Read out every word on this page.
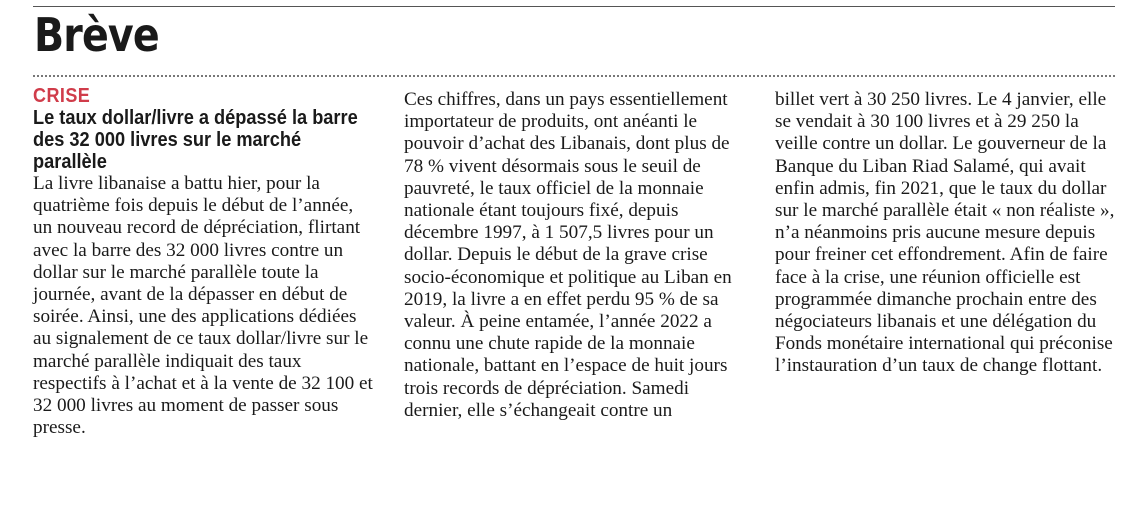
Brève
CRISE
Le taux dollar/livre a dépassé la barre des 32 000 livres sur le marché parallèle

La livre libanaise a battu hier, pour la quatrième fois depuis le début de l’année, un nouveau record de dépréciation, flirtant avec la barre des 32 000 livres contre un dollar sur le marché parallèle toute la journée, avant de la dépasser en début de soirée. Ainsi, une des applications dédiées au signalement de ce taux dollar/livre sur le marché parallèle indiquait des taux respectifs à l’achat et à la vente de 32 100 et 32 000 livres au moment de passer sous presse.

Ces chiffres, dans un pays essentiellement importateur de produits, ont anéanti le pouvoir d’achat des Libanais, dont plus de 78 % vivent désormais sous le seuil de pauvreté, le taux officiel de la monnaie nationale étant toujours fixé, depuis décembre 1997, à 1 507,5 livres pour un dollar. Depuis le début de la grave crise socio-économique et politique au Liban en 2019, la livre a en effet perdu 95 % de sa valeur. À peine entamée, l’année 2022 a connu une chute rapide de la monnaie nationale, battant en l’espace de huit jours trois records de dépréciation. Samedi dernier, elle s’échangeait contre un

billet vert à 30 250 livres. Le 4 janvier, elle se vendait à 30 100 livres et à 29 250 la veille contre un dollar. Le gouverneur de la Banque du Liban Riad Salamé, qui avait enfin admis, fin 2021, que le taux du dollar sur le marché parallèle était « non réaliste », n’a néanmoins pris aucune mesure depuis pour freiner cet effondrement. Afin de faire face à la crise, une réunion officielle est programmée dimanche prochain entre des négociateurs libanais et une délégation du Fonds monétaire international qui préconise l’instauration d’un taux de change flottant.
